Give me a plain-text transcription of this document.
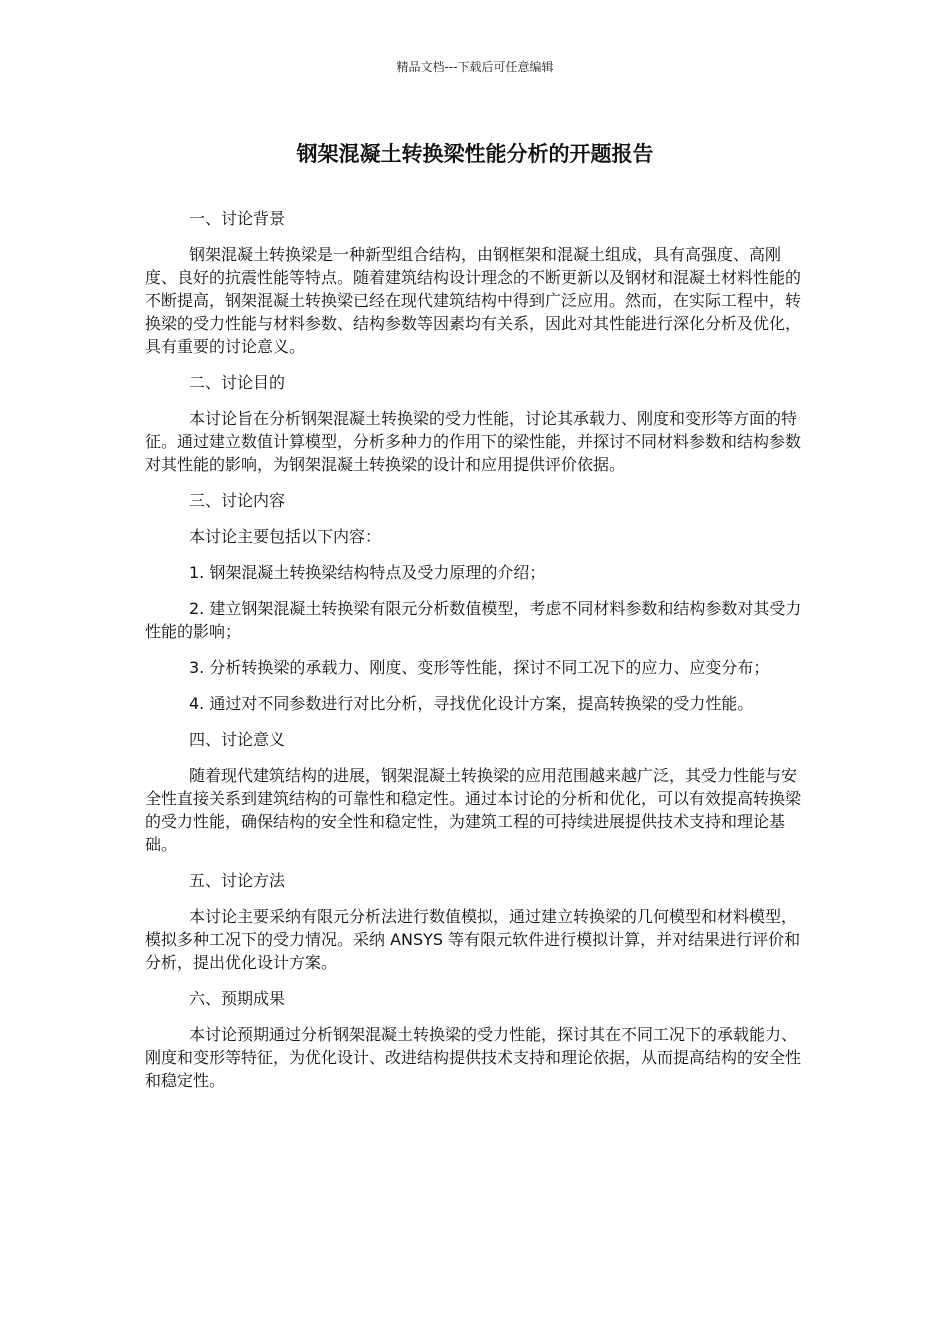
精品文档---下载后可任意编辑
钢架混凝土转换梁性能分析的开题报告

一、讨论背景

钢架混凝土转换梁是一种新型组合结构，由钢框架和混凝土组成，具有高强度、高刚度、良好的抗震性能等特点。随着建筑结构设计理念的不断更新以及钢材和混凝土材料性能的不断提高，钢架混凝土转换梁已经在现代建筑结构中得到广泛应用。然而，在实际工程中，转换梁的受力性能与材料参数、结构参数等因素均有关系，因此对其性能进行深化分析及优化，具有重要的讨论意义。

二、讨论目的

本讨论旨在分析钢架混凝土转换梁的受力性能，讨论其承载力、刚度和变形等方面的特征。通过建立数值计算模型，分析多种力的作用下的梁性能，并探讨不同材料参数和结构参数对其性能的影响，为钢架混凝土转换梁的设计和应用提供评价依据。

三、讨论内容

本讨论主要包括以下内容：

1. 钢架混凝土转换梁结构特点及受力原理的介绍；

2. 建立钢架混凝土转换梁有限元分析数值模型，考虑不同材料参数和结构参数对其受力性能的影响；

3. 分析转换梁的承载力、刚度、变形等性能，探讨不同工况下的应力、应变分布；

4. 通过对不同参数进行对比分析，寻找优化设计方案，提高转换梁的受力性能。

四、讨论意义

随着现代建筑结构的进展，钢架混凝土转换梁的应用范围越来越广泛，其受力性能与安全性直接关系到建筑结构的可靠性和稳定性。通过本讨论的分析和优化，可以有效提高转换梁的受力性能，确保结构的安全性和稳定性，为建筑工程的可持续进展提供技术支持和理论基础。

五、讨论方法

本讨论主要采纳有限元分析法进行数值模拟，通过建立转换梁的几何模型和材料模型，模拟多种工况下的受力情况。采纳 ANSYS 等有限元软件进行模拟计算，并对结果进行评价和分析，提出优化设计方案。

六、预期成果

本讨论预期通过分析钢架混凝土转换梁的受力性能，探讨其在不同工况下的承载能力、刚度和变形等特征，为优化设计、改进结构提供技术支持和理论依据，从而提高结构的安全性和稳定性。
